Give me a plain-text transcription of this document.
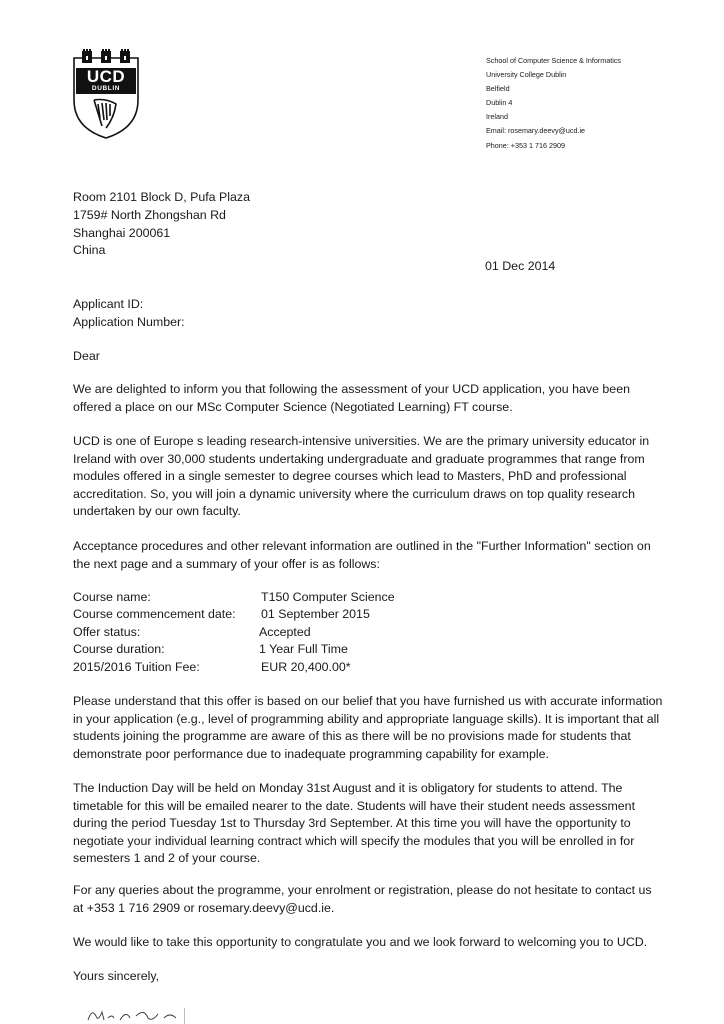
UCD
DUBLIN
School of Computer Science & Informatics
University College Dublin
Belfield
Dublin 4
Ireland
Email: rosemary.deevy@ucd.ie
Phone: +353 1 716 2909
Room 2101 Block D, Pufa Plaza
1759# North Zhongshan Rd
Shanghai 200061
China
01 Dec 2014
Applicant ID:
Application Number:
Dear
We are delighted to inform you that following the assessment of your UCD application, you have been offered a place on our MSc Computer Science (Negotiated Learning) FT course.
UCD is one of Europe s leading research-intensive universities. We are the primary university educator in Ireland with over 30,000 students undertaking undergraduate and graduate programmes that range from modules offered in a single semester to degree courses which lead to Masters, PhD and professional accreditation. So, you will join a dynamic university where the curriculum draws on top quality research undertaken by our own faculty.
Acceptance procedures and other relevant information are outlined in the "Further Information" section on the next page and a summary of your offer is as follows:
Course name:	T150 Computer Science
Course commencement date: 01 September 2015
Offer status:	Accepted
Course duration:	1 Year Full Time
2015/2016 Tuition Fee:	EUR 20,400.00*
Please understand that this offer is based on our belief that you have furnished us with accurate information in your application (e.g., level of programming ability and appropriate language skills). It is important that all students joining the programme are aware of this as there will be no provisions made for students that demonstrate poor performance due to inadequate programming capability for example.
The Induction Day will be held on Monday 31st August and it is obligatory for students to attend. The timetable for this will be emailed nearer to the date. Students will have their student needs assessment during the period Tuesday 1st to Thursday 3rd September. At this time you will have the opportunity to negotiate your individual learning contract which will specify the modules that you will be enrolled in for semesters 1 and 2 of your course.
For any queries about the programme, your enrolment or registration, please do not hesitate to contact us at +353 1 716 2909 or rosemary.deevy@ucd.ie.
We would like to take this opportunity to congratulate you and we look forward to welcoming you to UCD.
Yours sincerely,
